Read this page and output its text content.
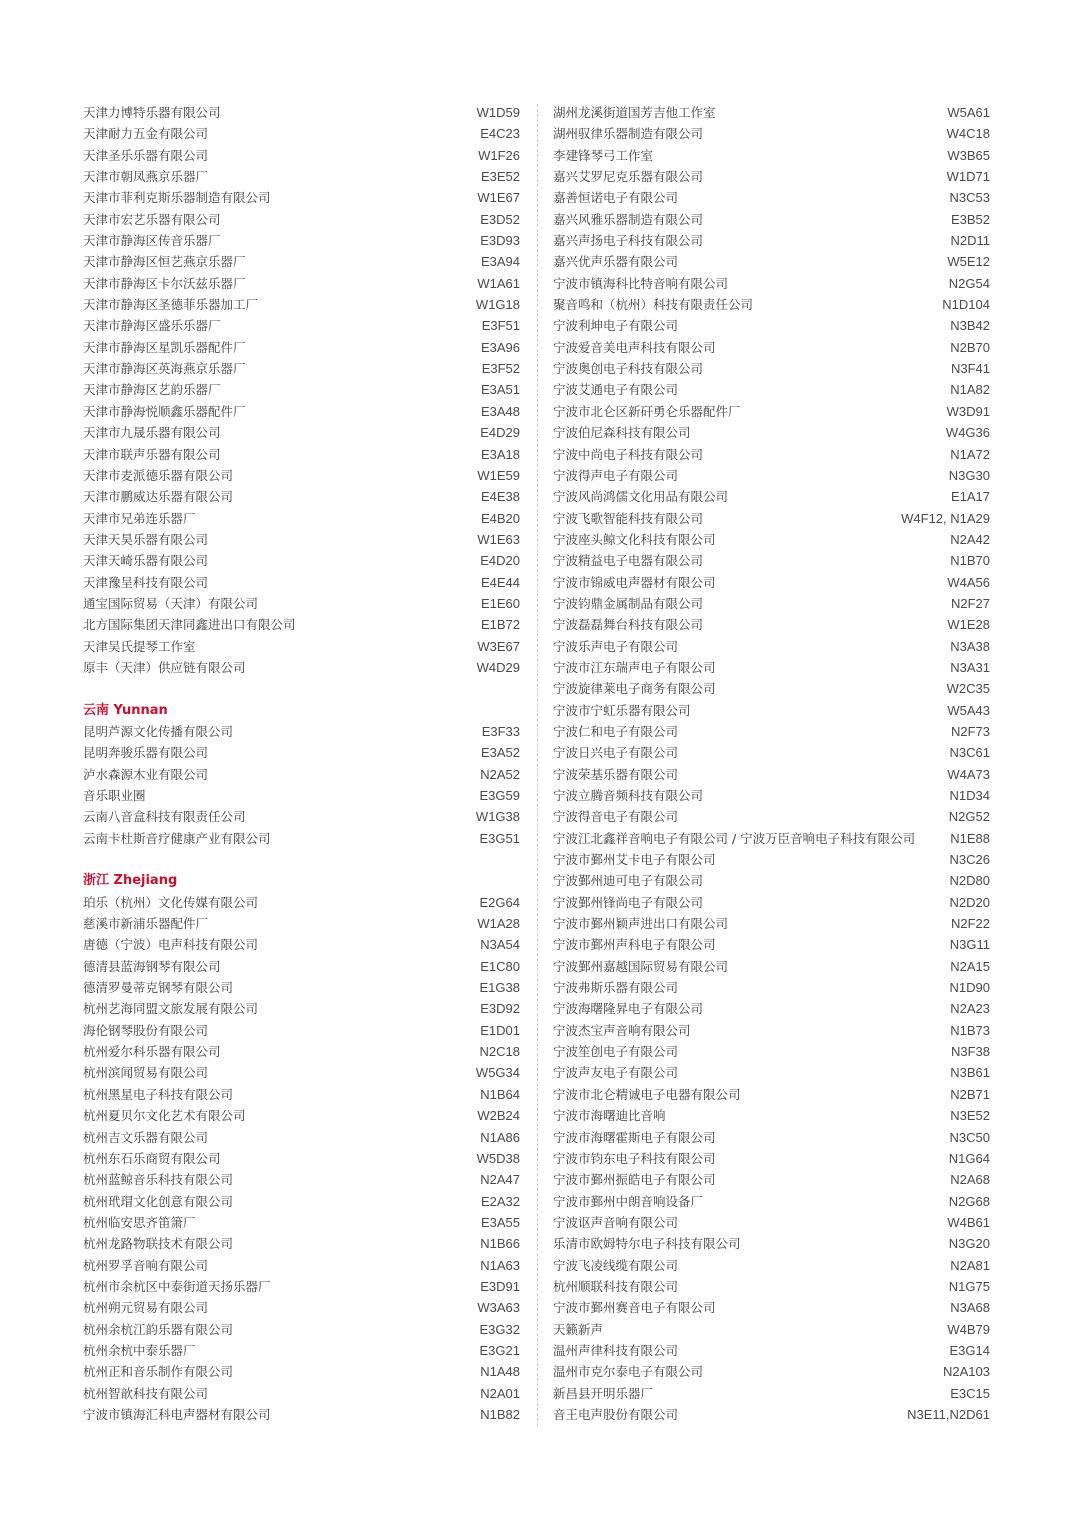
天津力博特乐器有限公司	W1D59
天津耐力五金有限公司	E4C23
天津圣乐乐器有限公司	W1F26
天津市朝凤燕京乐器厂	E3E52
天津市菲利克斯乐器制造有限公司	W1E67
天津市宏艺乐器有限公司	E3D52
天津市静海区传音乐器厂	E3D93
天津市静海区恒艺燕京乐器厂	E3A94
天津市静海区卡尔沃兹乐器厂	W1A61
天津市静海区圣德菲乐器加工厂	W1G18
天津市静海区盛乐乐器厂	E3F51
天津市静海区星凯乐器配件厂	E3A96
天津市静海区英海燕京乐器厂	E3F52
天津市静海区艺韵乐器厂	E3A51
天津市静海悦顺鑫乐器配件厂	E3A48
天津市九晟乐器有限公司	E4D29
天津市联声乐器有限公司	E3A18
天津市麦派德乐器有限公司	W1E59
天津市鹏威达乐器有限公司	E4E38
天津市兄弟连乐器厂	E4B20
天津天昊乐器有限公司	W1E63
天津天崎乐器有限公司	E4D20
天津豫呈科技有限公司	E4E44
通宝国际贸易（天津）有限公司	E1E60
北方国际集团天津同鑫进出口有限公司	E1B72
天津吴氏提琴工作室	W3E67
原丰（天津）供应链有限公司	W4D29
云南 Yunnan
昆明芦源文化传播有限公司	E3F33
昆明奔骏乐器有限公司	E3A52
泸水森源木业有限公司	N2A52
音乐职业圈	E3G59
云南八音盒科技有限责任公司	W1G38
云南卡杜斯音疗健康产业有限公司	E3G51
浙江 Zhejiang
珀乐（杭州）文化传媒有限公司	E2G64
慈溪市新浦乐器配件厂	W1A28
唐德（宁波）电声科技有限公司	N3A54
德清县蓝海钢琴有限公司	E1C80
德清罗曼蒂克钢琴有限公司	E1G38
杭州艺海同盟文旅发展有限公司	E3D92
海伦钢琴股份有限公司	E1D01
杭州爱尔科乐器有限公司	N2C18
杭州滨闻贸易有限公司	W5G34
杭州黑星电子科技有限公司	N1B64
杭州夏贝尔文化艺术有限公司	W2B24
杭州吉文乐器有限公司	N1A86
杭州东石乐商贸有限公司	W5D38
杭州蓝鲸音乐科技有限公司	N2A47
杭州玳瑁文化创意有限公司	E2A32
杭州临安思齐笛箫厂	E3A55
杭州龙路物联技术有限公司	N1B66
杭州罗孚音响有限公司	N1A63
杭州市余杭区中泰街道天扬乐器厂	E3D91
杭州朔元贸易有限公司	W3A63
杭州余杭江韵乐器有限公司	E3G32
杭州余杭中泰乐器厂	E3G21
杭州正和音乐制作有限公司	N1A48
杭州智歆科技有限公司	N2A01
宁波市镇海汇科电声器材有限公司	N1B82
湖州龙溪街道国芳吉他工作室	W5A61
湖州驭律乐器制造有限公司	W4C18
李建锋琴弓工作室	W3B65
嘉兴艾罗尼克乐器有限公司	W1D71
嘉善恒诺电子有限公司	N3C53
嘉兴风雅乐器制造有限公司	E3B52
嘉兴声扬电子科技有限公司	N2D11
嘉兴优声乐器有限公司	W5E12
宁波市镇海科比特音响有限公司	N2G54
聚音鸣和（杭州）科技有限责任公司	N1D104
宁波利坤电子有限公司	N3B42
宁波爱音美电声科技有限公司	N2B70
宁波奥创电子科技有限公司	N3F41
宁波艾通电子有限公司	N1A82
宁波市北仑区新矸勇仑乐器配件厂	W3D91
宁波伯尼森科技有限公司	W4G36
宁波中尚电子科技有限公司	N1A72
宁波得声电子有限公司	N3G30
宁波风尚鸿儒文化用品有限公司	E1A17
宁波飞歌智能科技有限公司	W4F12, N1A29
宁波座头鲸文化科技有限公司	N2A42
宁波精益电子电器有限公司	N1B70
宁波市锦威电声器材有限公司	W4A56
宁波钧鼎金属制品有限公司	N2F27
宁波磊磊舞台科技有限公司	W1E28
宁波乐声电子有限公司	N3A38
宁波市江东瑞声电子有限公司	N3A31
宁波旋律莱电子商务有限公司	W2C35
宁波市宁虹乐器有限公司	W5A43
宁波仁和电子有限公司	N2F73
宁波日兴电子有限公司	N3C61
宁波荣基乐器有限公司	W4A73
宁波立腾音频科技有限公司	N1D34
宁波得音电子有限公司	N2G52
宁波江北鑫祥音响电子有限公司 / 宁波万臣音响电子科技有限公司	N1E88
宁波市鄞州艾卡电子有限公司	N3C26
宁波鄞州迪可电子有限公司	N2D80
宁波鄞州锋尚电子有限公司	N2D20
宁波市鄞州颖声进出口有限公司	N2F22
宁波市鄞州声科电子有限公司	N3G11
宁波鄞州嘉越国际贸易有限公司	N2A15
宁波弗斯乐器有限公司	N1D90
宁波海曙隆昇电子有限公司	N2A23
宁波杰宝声音响有限公司	N1B73
宁波笙创电子有限公司	N3F38
宁波声友电子有限公司	N3B61
宁波市北仑精诚电子电器有限公司	N2B71
宁波市海曙迪比音响	N3E52
宁波市海曙霍斯电子有限公司	N3C50
宁波市钧东电子科技有限公司	N1G64
宁波市鄞州振皓电子有限公司	N2A68
宁波市鄞州中朗音响设备厂	N2G68
宁波讴声音响有限公司	W4B61
乐清市欧姆特尔电子科技有限公司	N3G20
宁波飞凌线缆有限公司	N2A81
杭州顺联科技有限公司	N1G75
宁波市鄞州赛音电子有限公司	N3A68
天籁新声	W4B79
温州声律科技有限公司	E3G14
温州市克尔泰电子有限公司	N2A103
新昌县开明乐器厂	E3C15
音王电声股份有限公司	N3E11,N2D61
